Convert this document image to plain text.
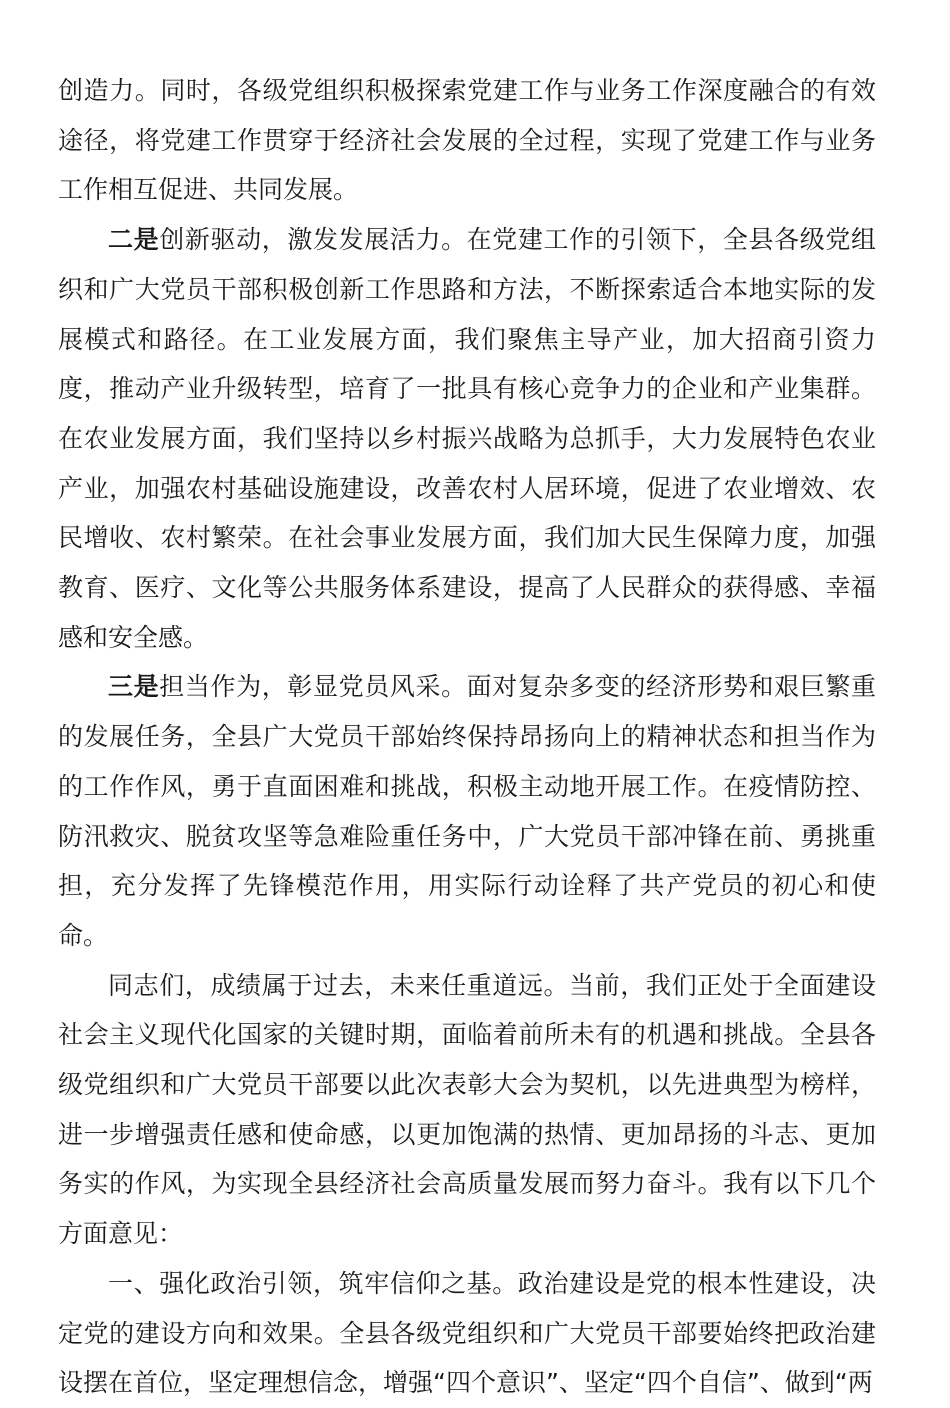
创造力。同时，各级党组织积极探索党建工作与业务工作深度融合的有效途径，将党建工作贯穿于经济社会发展的全过程，实现了党建工作与业务工作相互促进、共同发展。

二是创新驱动，激发发展活力。在党建工作的引领下，全县各级党组织和广大党员干部积极创新工作思路和方法，不断探索适合本地实际的发展模式和路径。在工业发展方面，我们聚焦主导产业，加大招商引资力度，推动产业升级转型，培育了一批具有核心竞争力的企业和产业集群。在农业发展方面，我们坚持以乡村振兴战略为总抓手，大力发展特色农业产业，加强农村基础设施建设，改善农村人居环境，促进了农业增效、农民增收、农村繁荣。在社会事业发展方面，我们加大民生保障力度，加强教育、医疗、文化等公共服务体系建设，提高了人民群众的获得感、幸福感和安全感。

三是担当作为，彰显党员风采。面对复杂多变的经济形势和艰巨繁重的发展任务，全县广大党员干部始终保持昂扬向上的精神状态和担当作为的工作作风，勇于直面困难和挑战，积极主动地开展工作。在疫情防控、防汛救灾、脱贫攻坚等急难险重任务中，广大党员干部冲锋在前、勇挑重担，充分发挥了先锋模范作用，用实际行动诠释了共产党员的初心和使命。

同志们，成绩属于过去，未来任重道远。当前，我们正处于全面建设社会主义现代化国家的关键时期，面临着前所未有的机遇和挑战。全县各级党组织和广大党员干部要以此次表彰大会为契机，以先进典型为榜样，进一步增强责任感和使命感，以更加饱满的热情、更加昂扬的斗志、更加务实的作风，为实现全县经济社会高质量发展而努力奋斗。我有以下几个方面意见：

一、强化政治引领，筑牢信仰之基。政治建设是党的根本性建设，决定党的建设方向和效果。全县各级党组织和广大党员干部要始终把政治建设摆在首位，坚定理想信念，增强“四个意识”、坚定“四个自信”、做到“两
